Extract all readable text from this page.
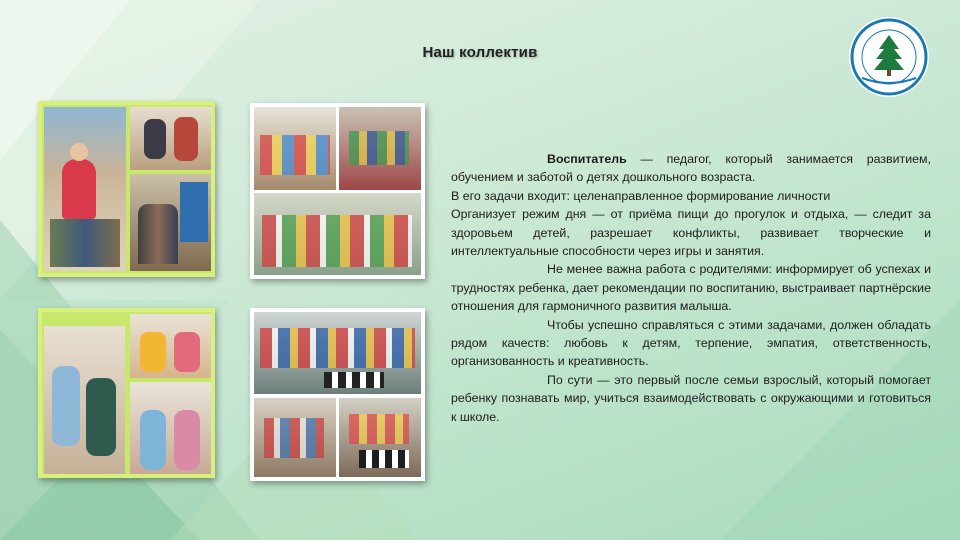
Наш коллектив

Воспитатель — педагог, который занимается развитием, обучением и заботой о детях дошкольного возраста.

В его задачи входит: целенаправленное формирование личности

Организует режим дня — от приёма пищи до прогулок и отдыха, — следит за здоровьем детей, разрешает конфликты, развивает творческие и интеллектуальные способности через игры и занятия.

Не менее важна работа с родителями: информирует об успехах и трудностях ребенка, дает рекомендации по воспитанию, выстраивает партнёрские отношения для гармоничного развития малыша.

Чтобы успешно справляться с этими задачами, должен обладать рядом качеств: любовь к детям, терпение, эмпатия, ответственность, организованность и креативность.

По сути — это первый после семьи взрослый, который помогает ребенку познавать мир, учиться взаимодействовать с окружающими и готовиться к школе.
